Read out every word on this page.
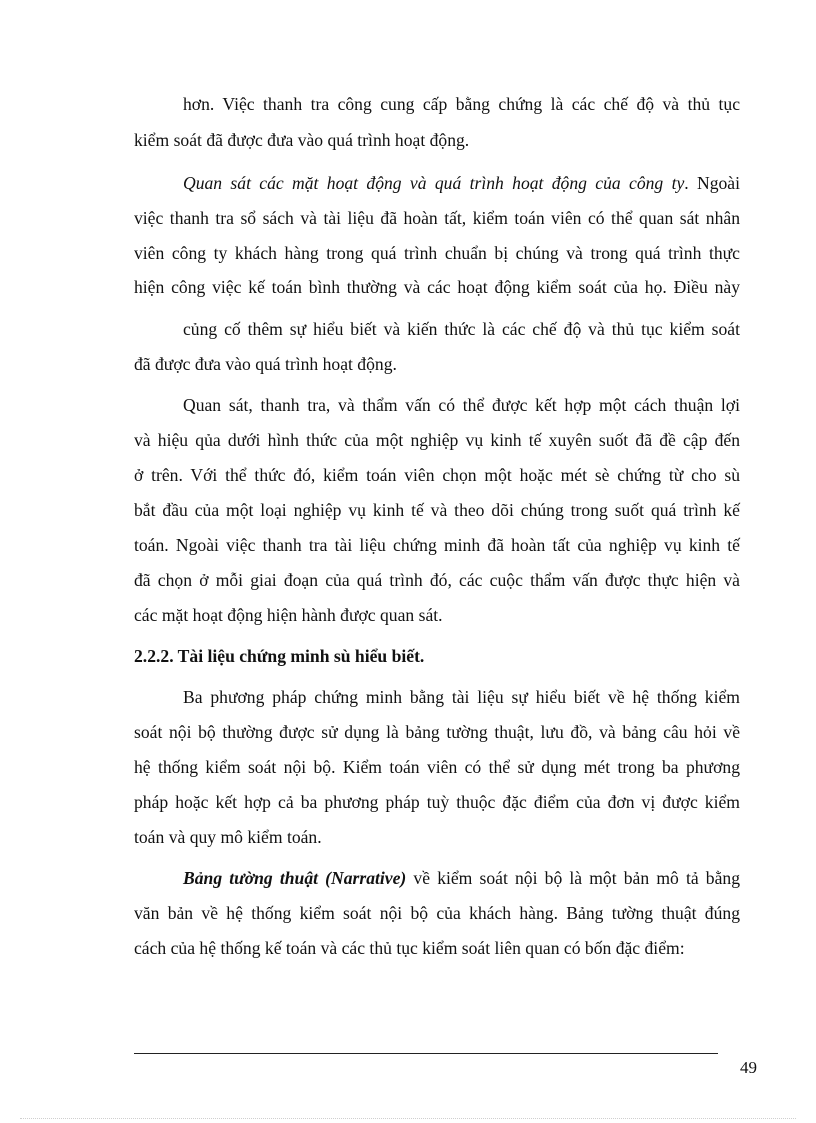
hơn. Việc thanh tra công cung cấp bằng chứng là các chế độ và thủ tục
kiểm soát đã được đưa vào quá trình hoạt động.
Quan sát các mặt hoạt động và quá trình hoạt động của công ty. Ngoài
việc thanh tra sổ sách và tài liệu đã hoàn tất, kiểm toán viên có thể quan sát nhân
viên công ty khách hàng trong quá trình chuẩn bị chúng và trong quá trình thực
hiện công việc kế toán bình thường và các hoạt động kiểm soát của họ. Điều này
củng cố thêm sự hiểu biết và kiến thức là các chế độ và thủ tục kiểm soát
đã được đưa vào quá trình hoạt động.
Quan sát, thanh tra, và thẩm vấn có thể được kết hợp một cách thuận lợi
và hiệu qủa dưới hình thức của một nghiệp vụ kinh tế xuyên suốt đã đề cập đến
ở trên. Với thể thức đó, kiểm toán viên chọn một hoặc mét sè chứng từ cho sù
bắt đầu của một loại nghiệp vụ kinh tế và theo dõi chúng trong suốt quá trình kế
toán. Ngoài việc thanh tra tài liệu chứng minh đã hoàn tất của nghiệp vụ kinh tế
đã chọn ở mỗi giai đoạn của quá trình đó, các cuộc thẩm vấn được thực hiện và
các mặt hoạt động hiện hành được quan sát.
2.2.2. Tài liệu chứng minh sù hiểu biết.
Ba phương pháp chứng minh bằng tài liệu sự hiểu biết về hệ thống kiểm
soát nội bộ thường được sử dụng là bảng tường thuật, lưu đồ, và bảng câu hỏi về
hệ thống kiểm soát nội bộ. Kiểm toán viên có thể sử dụng mét trong ba phương
pháp hoặc kết hợp cả ba phương pháp tuỳ thuộc đặc điểm của đơn vị được kiểm
toán và quy mô kiểm toán.
Bảng tường thuật (Narrative) về kiểm soát nội bộ là một bản mô tả bằng
văn bản về hệ thống kiểm soát nội bộ của khách hàng. Bảng tường thuật đúng
cách của hệ thống kế toán và các thủ tục kiểm soát liên quan có bốn đặc điểm:
49
